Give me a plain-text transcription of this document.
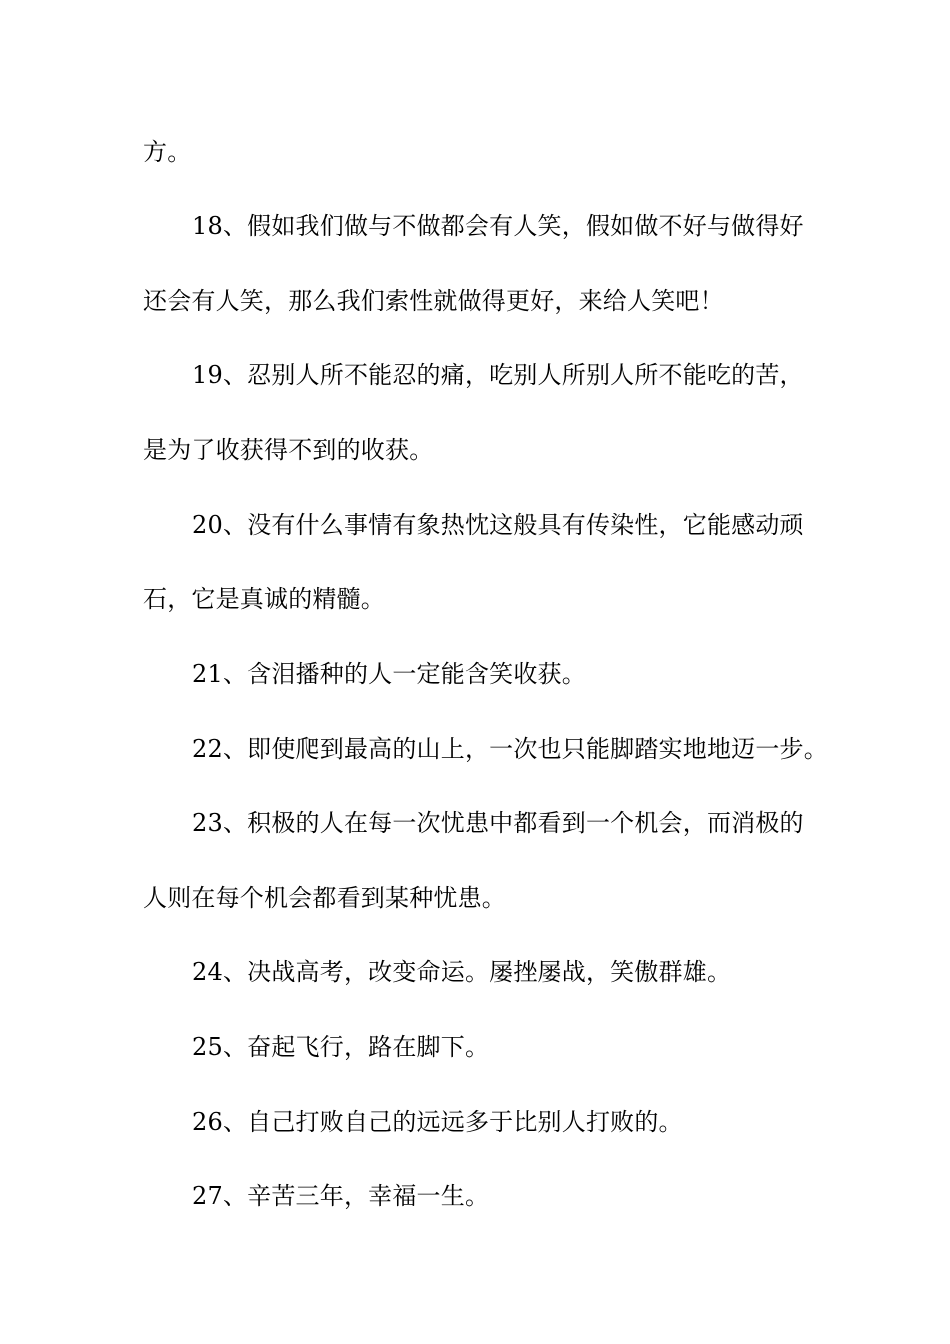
方。
18、假如我们做与不做都会有人笑，假如做不好与做得好
还会有人笑，那么我们索性就做得更好，来给人笑吧！
19、忍别人所不能忍的痛，吃别人所别人所不能吃的苦，
是为了收获得不到的收获。
20、没有什么事情有象热忱这般具有传染性，它能感动顽
石，它是真诚的精髓。
21、含泪播种的人一定能含笑收获。
22、即使爬到最高的山上，一次也只能脚踏实地地迈一步。
23、积极的人在每一次忧患中都看到一个机会，而消极的
人则在每个机会都看到某种忧患。
24、决战高考，改变命运。屡挫屡战，笑傲群雄。
25、奋起飞行，路在脚下。
26、自己打败自己的远远多于比别人打败的。
27、辛苦三年，幸福一生。
